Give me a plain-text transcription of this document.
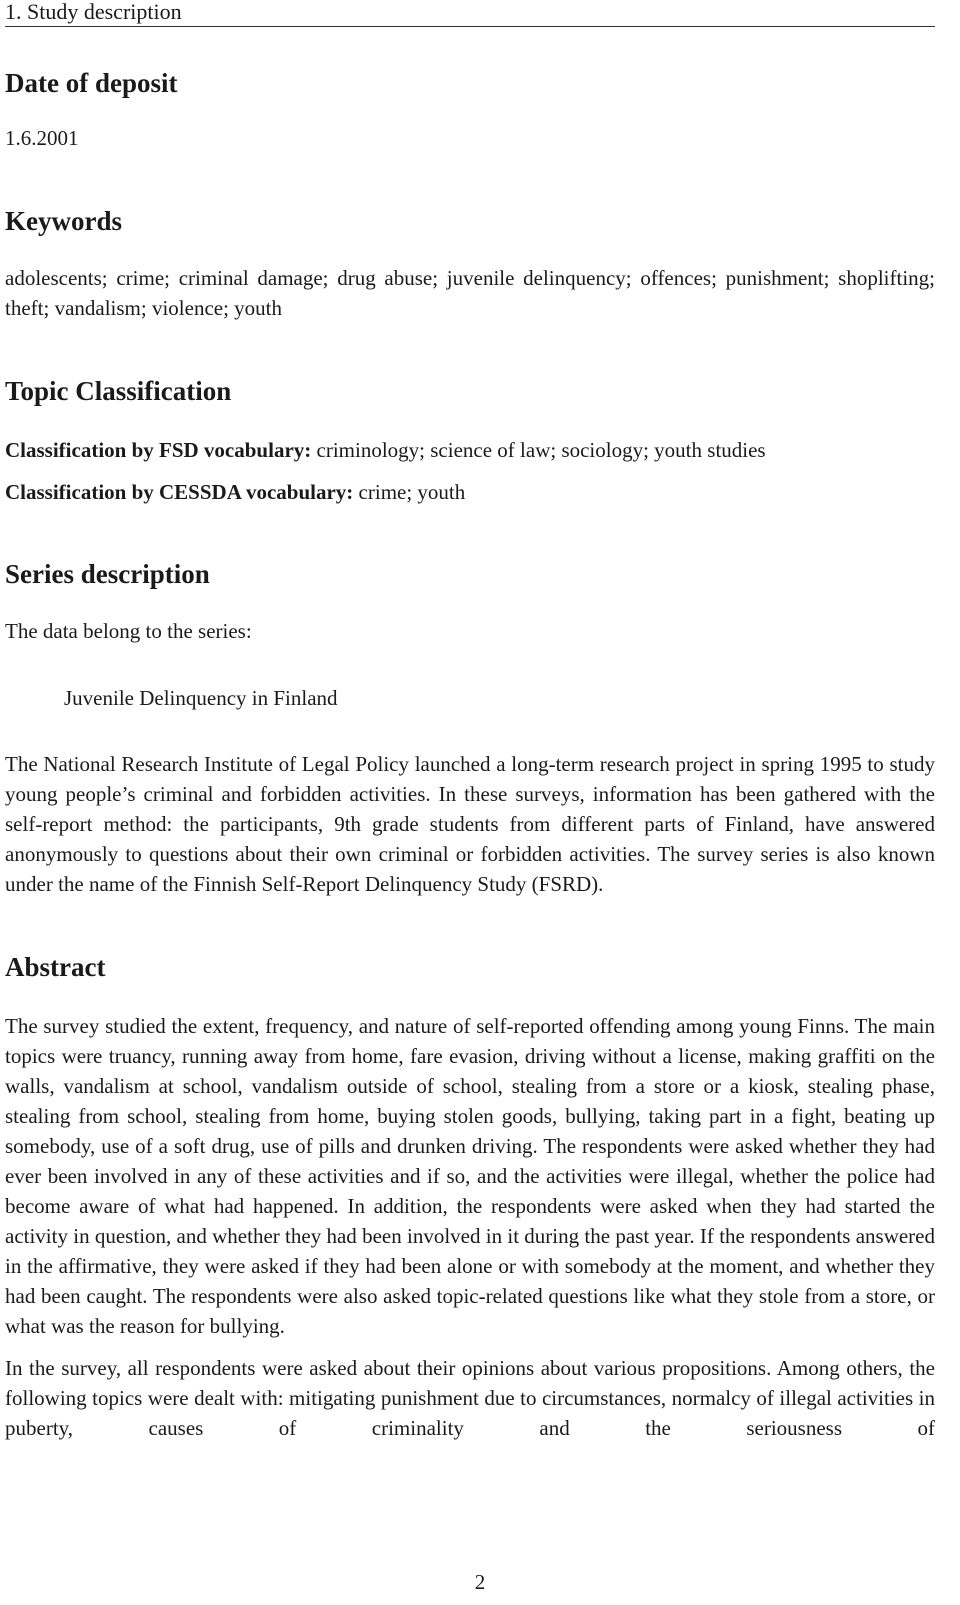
1. Study description
Date of deposit

1.6.2001

Keywords

adolescents; crime; criminal damage; drug abuse; juvenile delinquency; offences; punishment; shoplifting; theft; vandalism; violence; youth

Topic Classification
Classification by FSD vocabulary: criminology; science of law; sociology; youth studies
Classification by CESSDA vocabulary: crime; youth
Series description

The data belong to the series:

Juvenile Delinquency in Finland

The National Research Institute of Legal Policy launched a long-term research project in spring 1995 to study young people’s criminal and forbidden activities. In these surveys, information has been gathered with the self-report method: the participants, 9th grade students from different parts of Finland, have answered anonymously to questions about their own criminal or forbidden activities. The survey series is also known under the name of the Finnish Self-Report Delinquency Study (FSRD).

Abstract

The survey studied the extent, frequency, and nature of self-reported offending among young Finns. The main topics were truancy, running away from home, fare evasion, driving without a license, making graffiti on the walls, vandalism at school, vandalism outside of school, stealing from a store or a kiosk, stealing phase, stealing from school, stealing from home, buying stolen goods, bullying, taking part in a fight, beating up somebody, use of a soft drug, use of pills and drunken driving. The respondents were asked whether they had ever been involved in any of these activities and if so, and the activities were illegal, whether the police had become aware of what had happened. In addition, the respondents were asked when they had started the activity in question, and whether they had been involved in it during the past year. If the respondents answered in the affirmative, they were asked if they had been alone or with somebody at the moment, and whether they had been caught. The respondents were also asked topic-related questions like what they stole from a store, or what was the reason for bullying.

In the survey, all respondents were asked about their opinions about various propositions. Among others, the following topics were dealt with: mitigating punishment due to circumstances, normalcy of illegal activities in puberty, causes of criminality and the seriousness of

2
